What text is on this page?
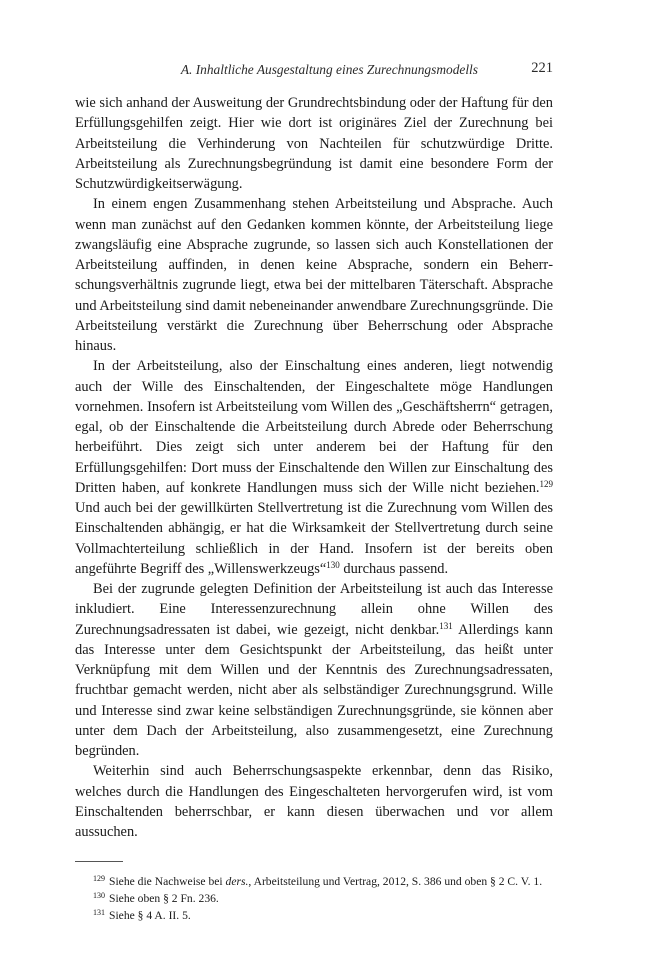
A. Inhaltliche Ausgestaltung eines Zurechnungsmodells	221

wie sich anhand der Ausweitung der Grundrechtsbindung oder der Haftung für den Erfüllungsgehilfen zeigt. Hier wie dort ist originäres Ziel der Zurechnung bei Arbeitsteilung die Verhinderung von Nachteilen für schutzwürdige Dritte. Arbeitsteilung als Zurechnungsbegründung ist damit eine besondere Form der Schutzwürdigkeitserwägung.

In einem engen Zusammenhang stehen Arbeitsteilung und Absprache. Auch wenn man zunächst auf den Gedanken kommen könnte, der Arbeitsteilung liege zwangsläufig eine Absprache zugrunde, so lassen sich auch Konstellationen der Arbeitsteilung auffinden, in denen keine Absprache, sondern ein Beherrschungsverhältnis zugrunde liegt, etwa bei der mittelbaren Täterschaft. Absprache und Arbeitsteilung sind damit nebeneinander anwendbare Zurechnungsgründe. Die Arbeitsteilung verstärkt die Zurechnung über Beherrschung oder Absprache hinaus.

In der Arbeitsteilung, also der Einschaltung eines anderen, liegt notwendig auch der Wille des Einschaltenden, der Eingeschaltete möge Handlungen vornehmen. Insofern ist Arbeitsteilung vom Willen des „Geschäftsherrn“ getragen, egal, ob der Einschaltende die Arbeitsteilung durch Abrede oder Beherrschung herbeiführt. Dies zeigt sich unter anderem bei der Haftung für den Erfüllungsgehilfen: Dort muss der Einschaltende den Willen zur Einschaltung des Dritten haben, auf konkrete Handlungen muss sich der Wille nicht beziehen.$^{129}$ Und auch bei der gewillkürten Stellvertretung ist die Zurechnung vom Willen des Einschaltenden abhängig, er hat die Wirksamkeit der Stellvertretung durch seine Vollmachterteilung schließlich in der Hand. Insofern ist der bereits oben angeführte Begriff des „Willenswerkzeugs“$^{130}$ durchaus passend.

Bei der zugrunde gelegten Definition der Arbeitsteilung ist auch das Interesse inkludiert. Eine Interessenzurechnung allein ohne Willen des Zurechnungsadressaten ist dabei, wie gezeigt, nicht denkbar.$^{131}$ Allerdings kann das Interesse unter dem Gesichtspunkt der Arbeitsteilung, das heißt unter Verknüpfung mit dem Willen und der Kenntnis des Zurechnungsadressaten, fruchtbar gemacht werden, nicht aber als selbständiger Zurechnungsgrund. Wille und Interesse sind zwar keine selbständigen Zurechnungsgründe, sie können aber unter dem Dach der Arbeitsteilung, also zusammengesetzt, eine Zurechnung begründen.

Weiterhin sind auch Beherrschungsaspekte erkennbar, denn das Risiko, welches durch die Handlungen des Eingeschalteten hervorgerufen wird, ist vom Einschaltenden beherrschbar, er kann diesen überwachen und vor allem aussuchen.

$^{129}$ Siehe die Nachweise bei ders., Arbeitsteilung und Vertrag, 2012, S. 386 und oben § 2 C. V. 1.

$^{130}$ Siehe oben § 2 Fn. 236.

$^{131}$ Siehe § 4 A. II. 5.
